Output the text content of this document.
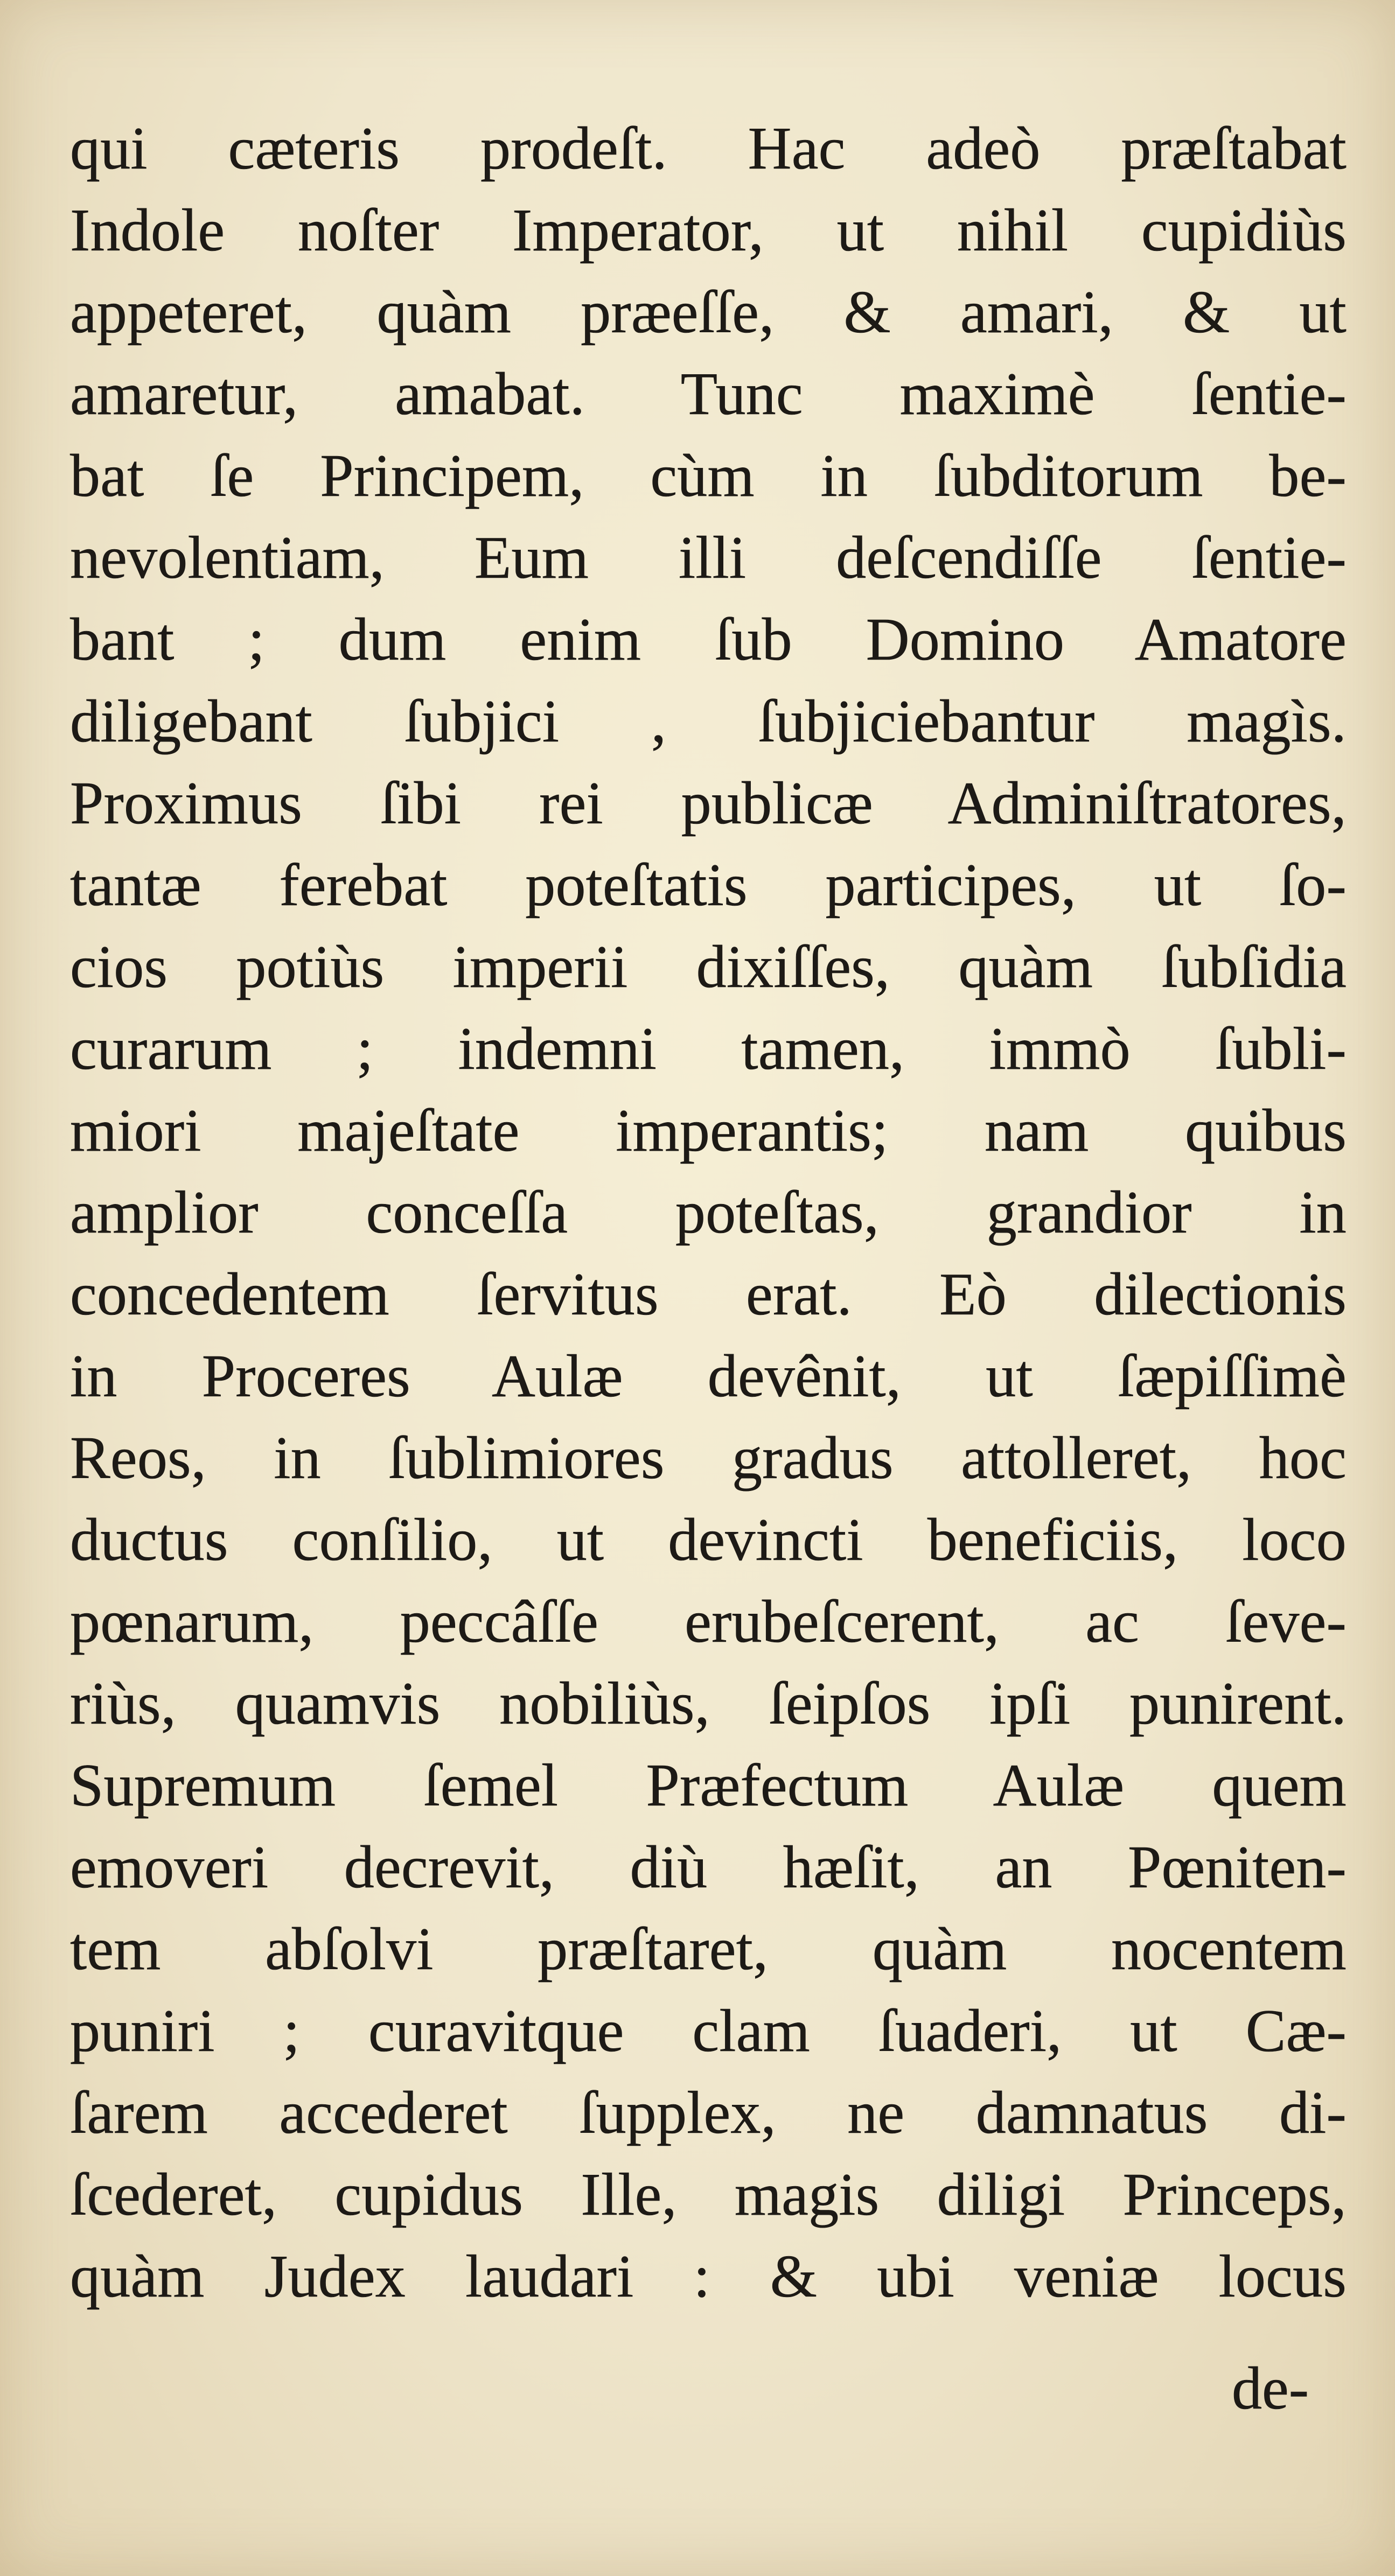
qui cæteris prodeſt. Hac adeò præſtabat
Indole noſter Imperator, ut nihil cupidiùs
appeteret, quàm præeſſe, & amari, & ut
amaretur, amabat. Tunc maximè ſentie-
bat ſe Principem, cùm in ſubditorum be-
nevolentiam, Eum illi deſcendiſſe ſentie-
bant ; dum enim ſub Domino Amatore
diligebant ſubjici , ſubjiciebantur magìs.
Proximus ſibi rei publicæ Adminiſtratores,
tantæ ferebat poteſtatis participes, ut ſo-
cios potiùs imperii dixiſſes, quàm ſubſidia
curarum ; indemni tamen, immò ſubli-
miori majeſtate imperantis; nam quibus
amplior conceſſa poteſtas, grandior in
concedentem ſervitus erat. Eò dilectionis
in Proceres Aulæ devênit, ut ſæpiſſimè
Reos, in ſublimiores gradus attolleret, hoc
ductus conſilio, ut devincti beneficiis, loco
pœnarum, peccâſſe erubeſcerent, ac ſeve-
riùs, quamvis nobiliùs, ſeipſos ipſi punirent.
Supremum ſemel Præfectum Aulæ quem
emoveri decrevit, diù hæſit, an Pœniten-
tem abſolvi præſtaret, quàm nocentem
puniri ; curavitque clam ſuaderi, ut Cæ-
ſarem accederet ſupplex, ne damnatus di-
ſcederet, cupidus Ille, magis diligi Princeps,
quàm Judex laudari : & ubi veniæ locus
de-
